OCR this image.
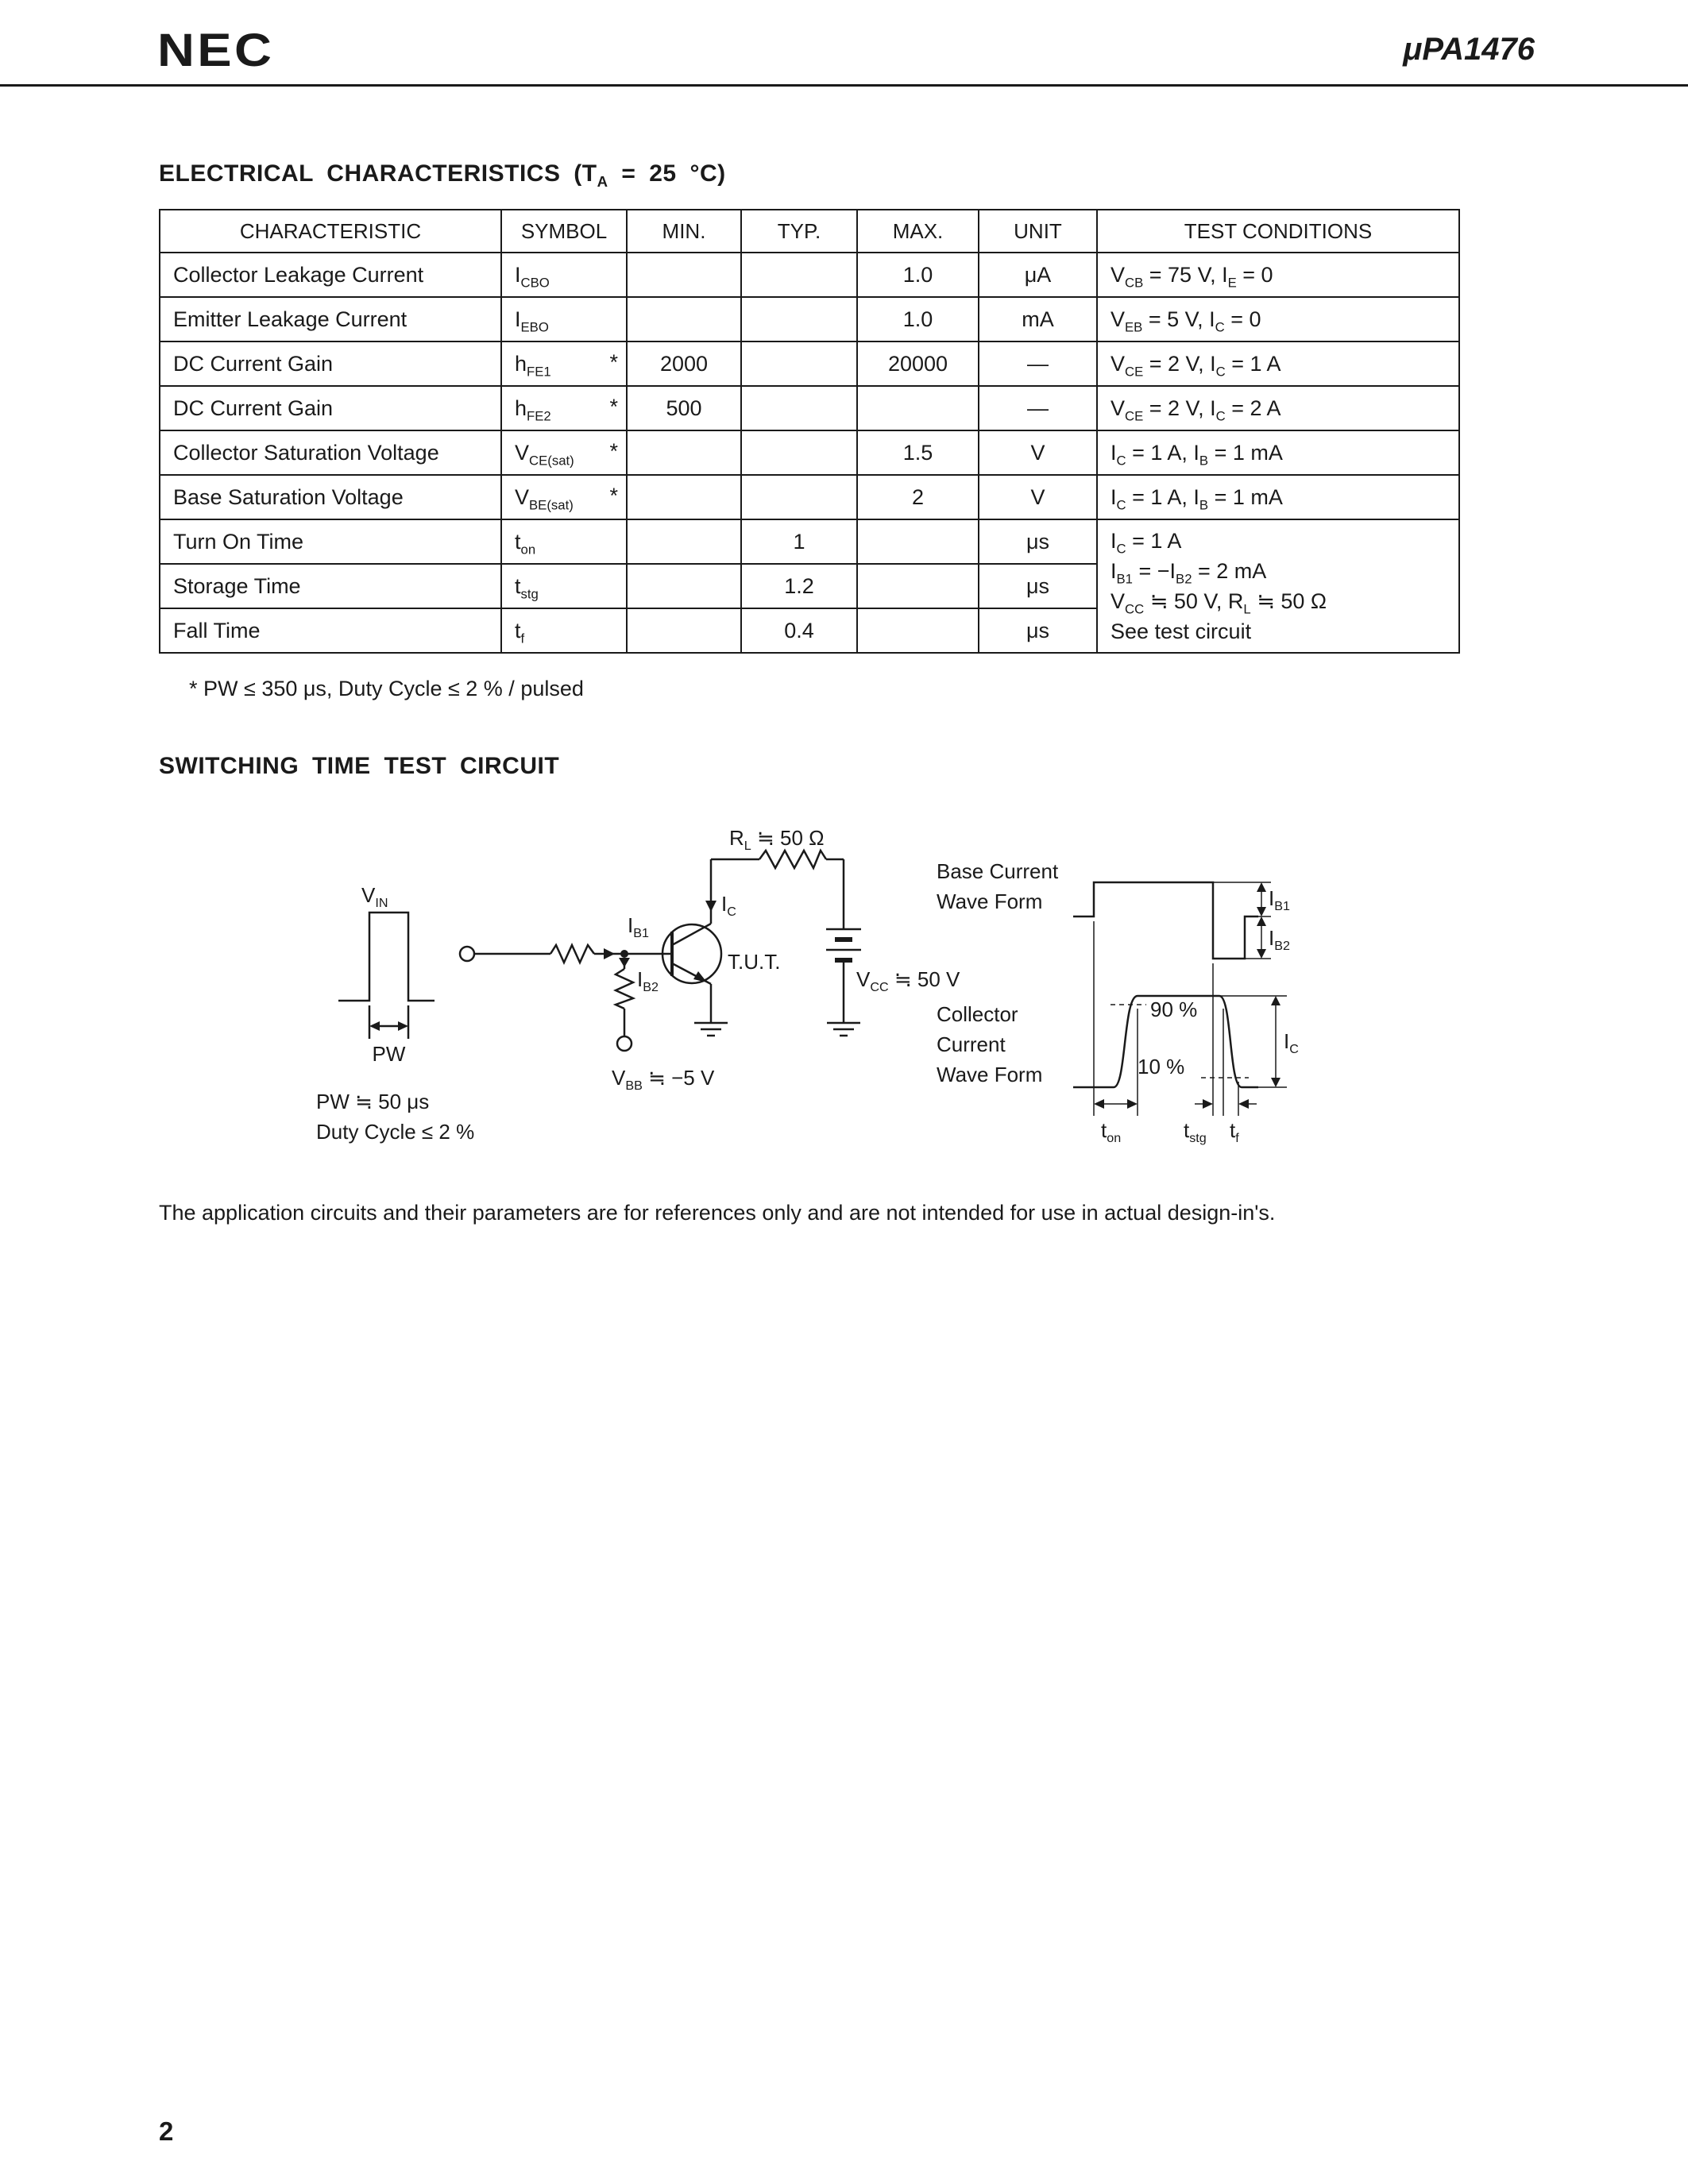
NEC	μPA1476
ELECTRICAL CHARACTERISTICS ($T_A = 25$ °C)
CHARACTERISTIC	SYMBOL	MIN.	TYP.	MAX.	UNIT	TEST CONDITIONS
Collector Leakage Current	$I_{CBO}$			1.0	μA	$V_{CB} = 75$ V, $I_E = 0$
Emitter Leakage Current	$I_{EBO}$			1.0	mA	$V_{EB} = 5$ V, $I_C = 0$
DC Current Gain	$h_{FE1}$ *	2000		20000	—	$V_{CE} = 2$ V, $I_C = 1$ A
DC Current Gain	$h_{FE2}$ *	500			—	$V_{CE} = 2$ V, $I_C = 2$ A
Collector Saturation Voltage	$V_{CE(sat)}$ *			1.5	V	$I_C = 1$ A, $I_B = 1$ mA
Base Saturation Voltage	$V_{BE(sat)}$ *			2	V	$I_C = 1$ A, $I_B = 1$ mA
Turn On Time	$t_{on}$		1		μs	$I_C = 1$ A
$I_{B1} = -I_{B2} = 2$ mA
$V_{CC}$ ≒ 50 V, $R_L$ ≒ 50 Ω
See test circuit

Storage Time	$t_{stg}$		1.2		μs	
Fall Time	$t_f$		0.4		μs	
* PW ≤ 350 μs, Duty Cycle ≤ 2 % / pulsed
SWITCHING TIME TEST CIRCUIT
$V_{IN}$
PW
PW ≒ 50 μs
Duty Cycle ≤ 2 %
$I_{B1}$
$I_{B2}$
$I_C$
T.U.T.
$R_L$ ≒ 50 Ω
$V_{CC}$ ≒ 50 V
$V_{BB}$ ≒ −5 V
Base Current
Wave Form
Collector
Current
Wave Form
90 %
10 %
$I_{B1}$
$I_{B2}$
$I_C$
$t_{on}$	$t_{stg}$ $t_f$
The application circuits and their parameters are for references only and are not intended for use in actual design-in's.
2
